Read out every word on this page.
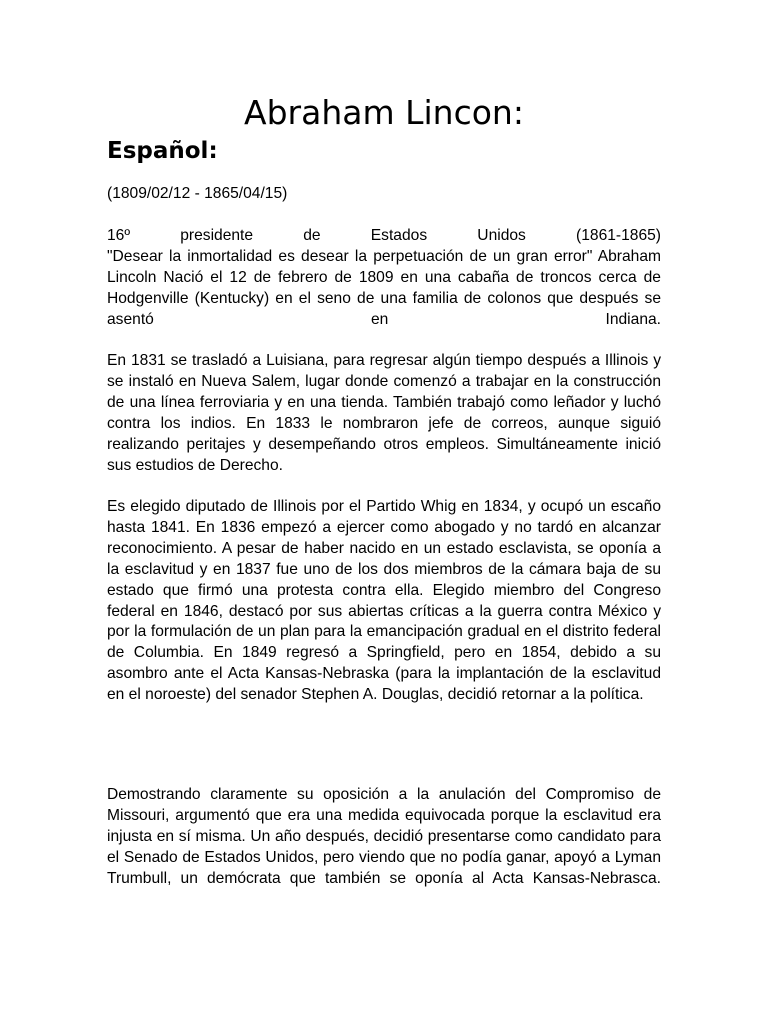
Abraham Lincon:
Español:

(1809/02/12 - 1865/04/15)

16º presidente de Estados Unidos (1861-1865)
"Desear la inmortalidad es desear la perpetuación de un gran error" Abraham Lincoln Nació el 12 de febrero de 1809 en una cabaña de troncos cerca de Hodgenville (Kentucky) en el seno de una familia de colonos que después se asentó en Indiana.

En 1831 se trasladó a Luisiana, para regresar algún tiempo después a Illinois y se instaló en Nueva Salem, lugar donde comenzó a trabajar en la construcción de una línea ferroviaria y en una tienda. También trabajó como leñador y luchó contra los indios. En 1833 le nombraron jefe de correos, aunque siguió realizando peritajes y desempeñando otros empleos. Simultáneamente inició sus estudios de Derecho.

Es elegido diputado de Illinois por el Partido Whig en 1834, y ocupó un escaño hasta 1841. En 1836 empezó a ejercer como abogado y no tardó en alcanzar reconocimiento. A pesar de haber nacido en un estado esclavista, se oponía a la esclavitud y en 1837 fue uno de los dos miembros de la cámara baja de su estado que firmó una protesta contra ella. Elegido miembro del Congreso federal en 1846, destacó por sus abiertas críticas a la guerra contra México y por la formulación de un plan para la emancipación gradual en el distrito federal de Columbia. En 1849 regresó a Springfield, pero en 1854, debido a su asombro ante el Acta Kansas-Nebraska (para la implantación de la esclavitud en el noroeste) del senador Stephen A. Douglas, decidió retornar a la política.

Demostrando claramente su oposición a la anulación del Compromiso de Missouri, argumentó que era una medida equivocada porque la esclavitud era injusta en sí misma. Un año después, decidió presentarse como candidato para el Senado de Estados Unidos, pero viendo que no podía ganar, apoyó a Lyman Trumbull, un demócrata que también se oponía al Acta Kansas-Nebrasca.
